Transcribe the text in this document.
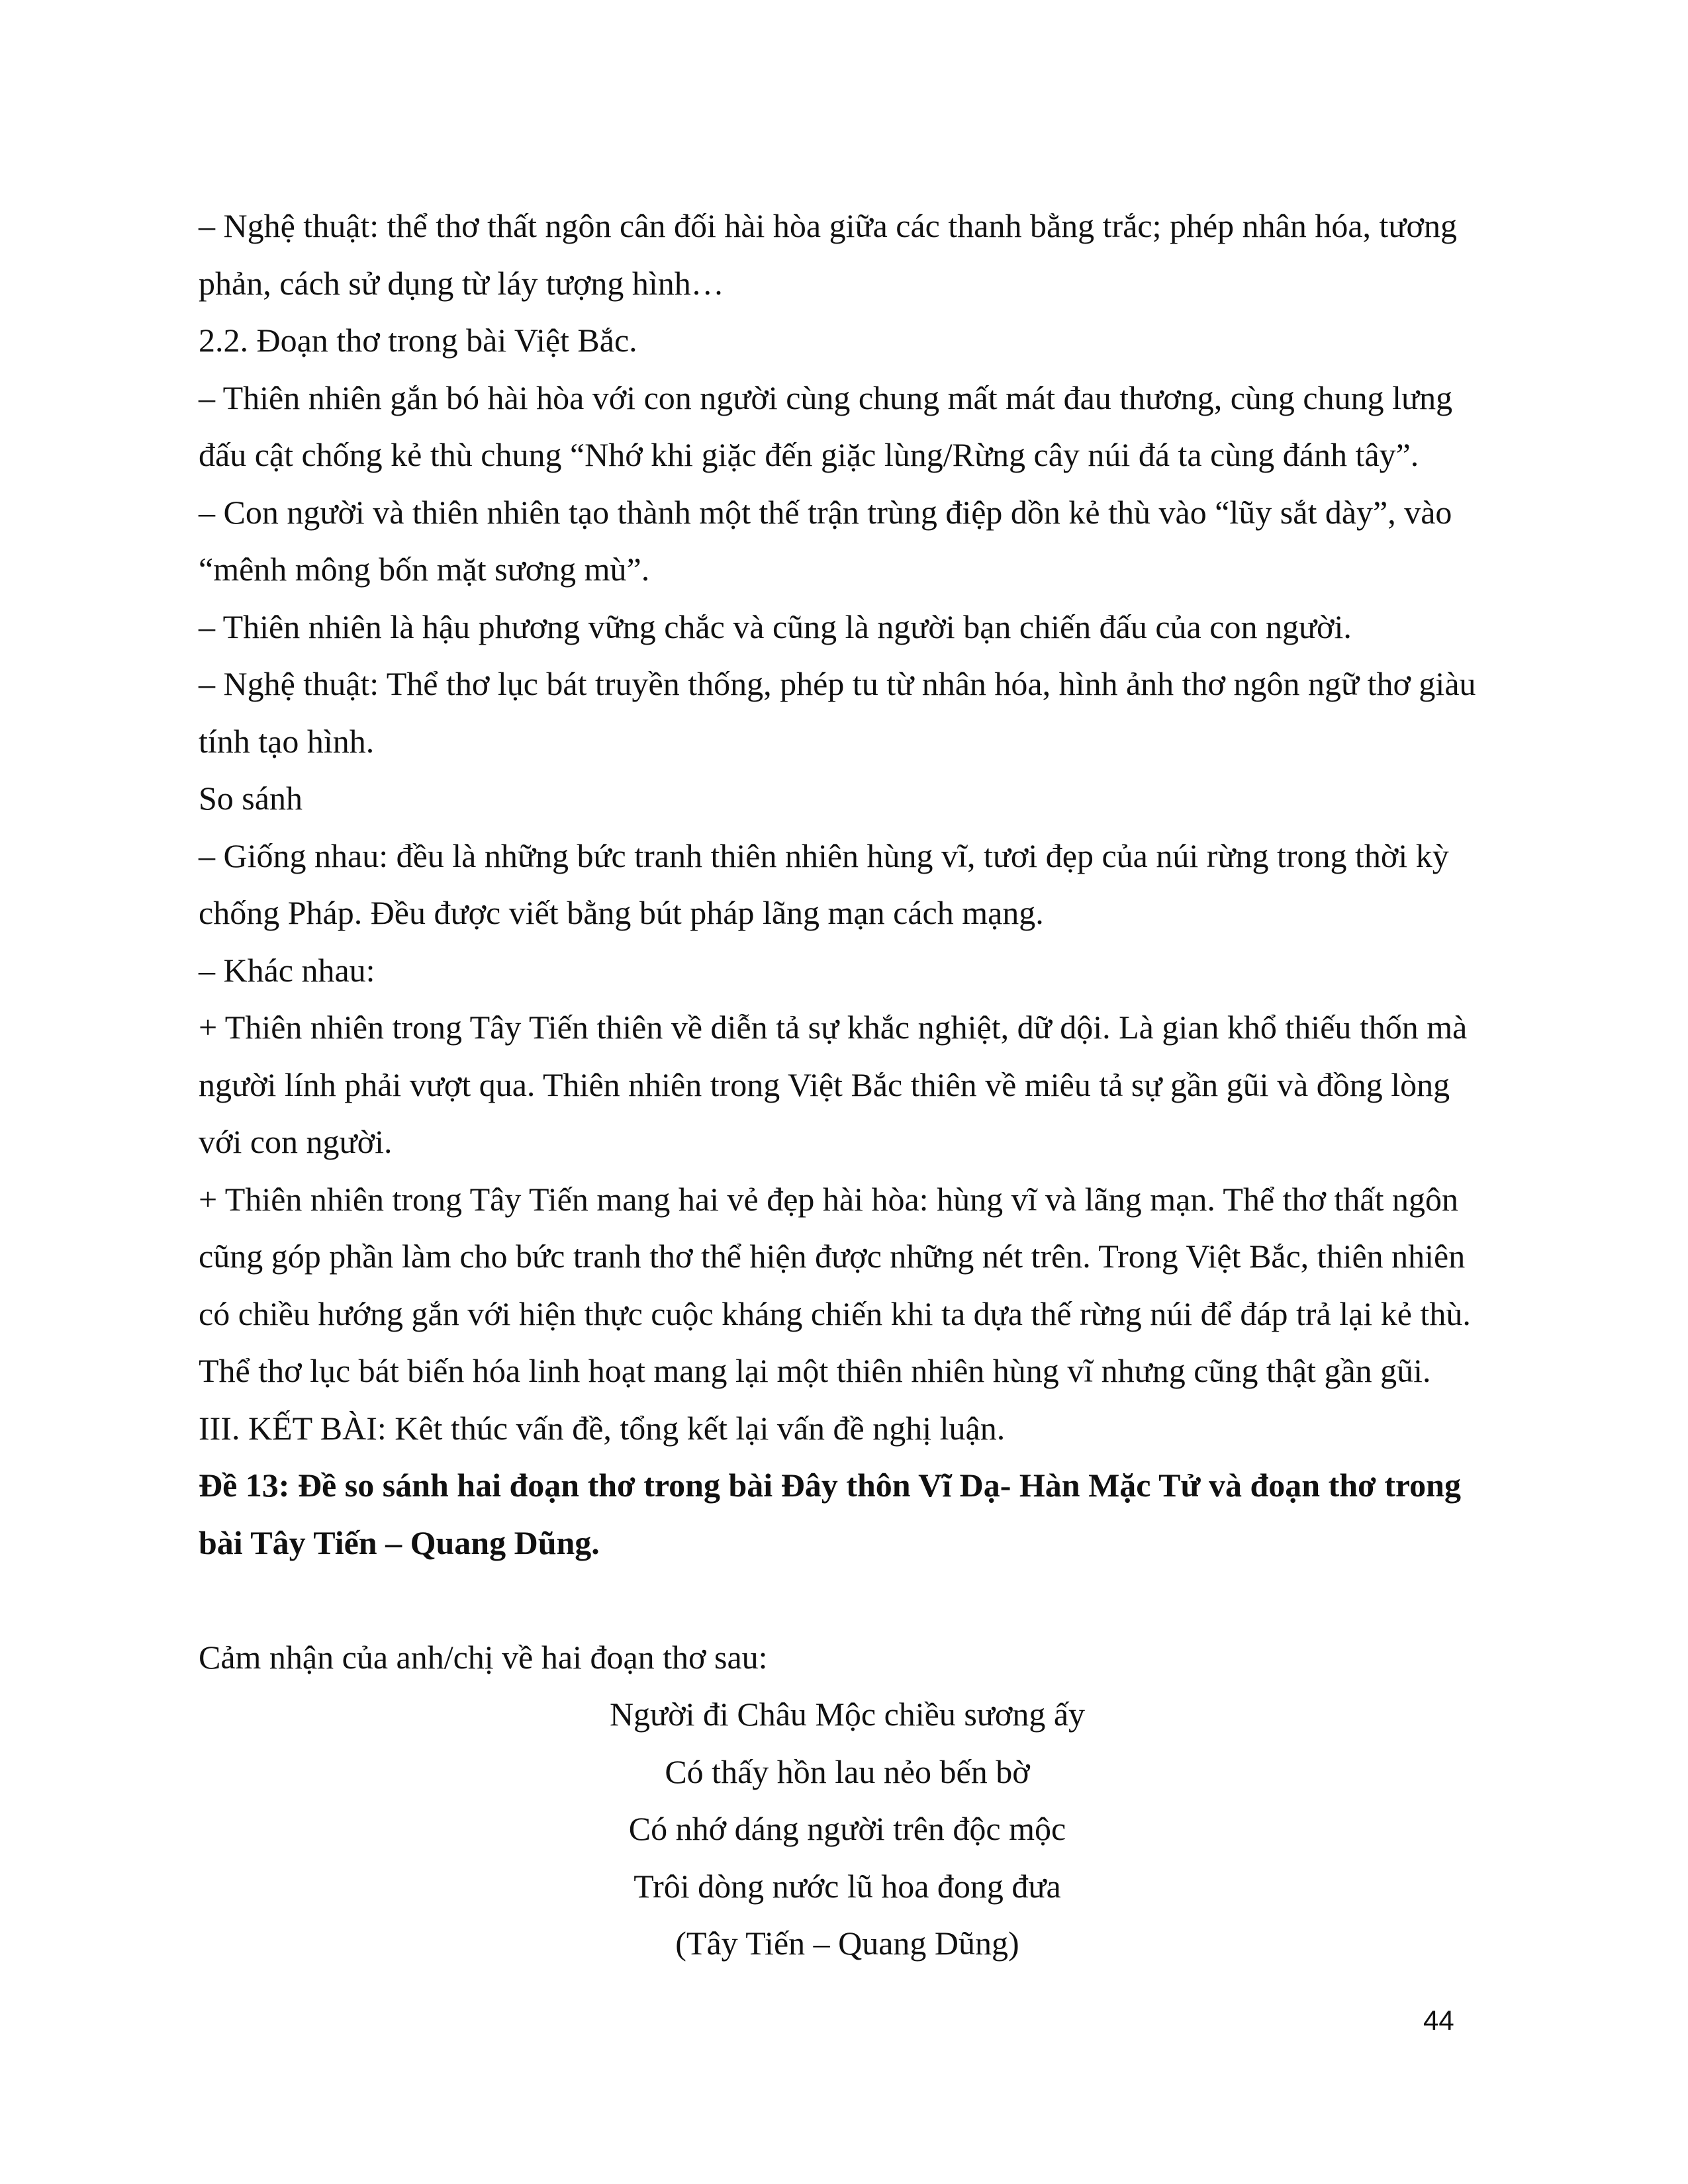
– Nghệ thuật: thể thơ thất ngôn cân đối hài hòa giữa các thanh bằng trắc; phép nhân hóa, tương
phản, cách sử dụng từ láy tượng hình…
2.2. Đoạn thơ trong bài Việt Bắc.
– Thiên nhiên gắn bó hài hòa với con người cùng chung mất mát đau thương, cùng chung lưng
đấu cật chống kẻ thù chung “Nhớ khi giặc đến giặc lùng/Rừng cây núi đá ta cùng đánh tây”.
– Con người và thiên nhiên tạo thành một thế trận trùng điệp dồn kẻ thù vào “lũy sắt dày”, vào
“mênh mông bốn mặt sương mù”.
– Thiên nhiên là hậu phương vững chắc và cũng là người bạn chiến đấu của con người.
– Nghệ thuật: Thể thơ lục bát truyền thống, phép tu từ nhân hóa, hình ảnh thơ ngôn ngữ thơ giàu
tính tạo hình.
So sánh
– Giống nhau: đều là những bức tranh thiên nhiên hùng vĩ, tươi đẹp của núi rừng trong thời kỳ
chống Pháp. Đều được viết bằng bút pháp lãng mạn cách mạng.
– Khác nhau:
+ Thiên nhiên trong Tây Tiến thiên về diễn tả sự khắc nghiệt, dữ dội. Là gian khổ thiếu thốn mà
người lính phải vượt qua. Thiên nhiên trong Việt Bắc thiên về miêu tả sự gần gũi và đồng lòng
với con người.
+ Thiên nhiên trong Tây Tiến mang hai vẻ đẹp hài hòa: hùng vĩ và lãng mạn. Thể thơ thất ngôn
cũng góp phần làm cho bức tranh thơ thể hiện được những nét trên. Trong Việt Bắc, thiên nhiên
có chiều hướng gắn với hiện thực cuộc kháng chiến khi ta dựa thế rừng núi để đáp trả lại kẻ thù.
Thể thơ lục bát biến hóa linh hoạt mang lại một thiên nhiên hùng vĩ nhưng cũng thật gần gũi.
III. KẾT BÀI: Kêt thúc vấn đề, tổng kết lại vấn đề nghị luận.
Đề 13: Đề so sánh hai đoạn thơ trong bài Đây thôn Vĩ Dạ- Hàn Mặc Tử và đoạn thơ trong
bài Tây Tiến – Quang Dũng.
Cảm nhận của anh/chị về hai đoạn thơ sau:
Người đi Châu Mộc chiều sương ấy
Có thấy hồn lau nẻo bến bờ
Có nhớ dáng người trên độc mộc
Trôi dòng nước lũ hoa đong đưa
(Tây Tiến – Quang Dũng)
44
